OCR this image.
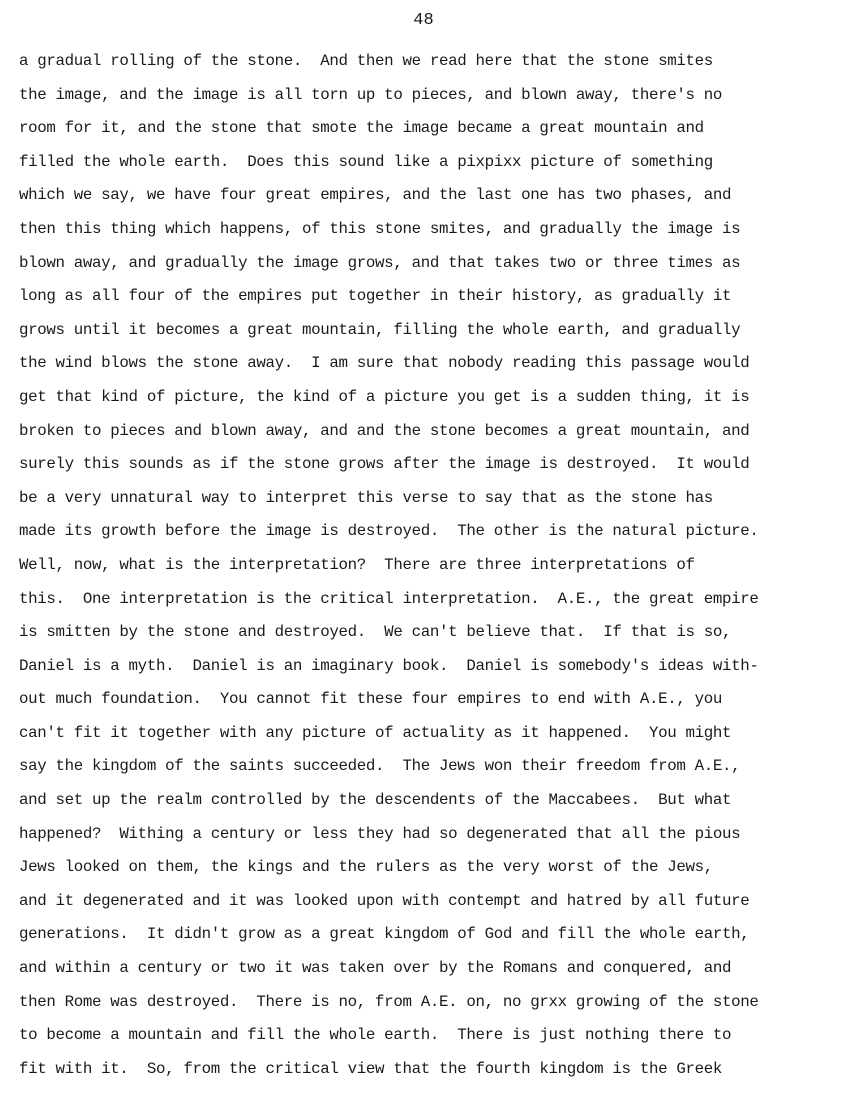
48
a gradual rolling of the stone.  And then we read here that the stone smites
the image, and the image is all torn up to pieces, and blown away, there's no
room for it, and the stone that smote the image became a great mountain and
filled the whole earth.  Does this sound like a pixpixx picture of something
which we say, we have four great empires, and the last one has two phases, and
then this thing which happens, of this stone smites, and gradually the image is
blown away, and gradually the image grows, and that takes two or three times as
long as all four of the empires put together in their history, as gradually it
grows until it becomes a great mountain, filling the whole earth, and gradually
the wind blows the stone away.  I am sure that nobody reading this passage would
get that kind of picture, the kind of a picture you get is a sudden thing, it is
broken to pieces and blown away, and and the stone becomes a great mountain, and
surely this sounds as if the stone grows after the image is destroyed.  It would
be a very unnatural way to interpret this verse to say that as the stone has
made its growth before the image is destroyed.  The other is the natural picture.
Well, now, what is the interpretation?  There are three interpretations of
this.  One interpretation is the critical interpretation.  A.E., the great empire
is smitten by the stone and destroyed.  We can't believe that.  If that is so,
Daniel is a myth.  Daniel is an imaginary book.  Daniel is somebody's ideas with-
out much foundation.  You cannot fit these four empires to end with A.E., you
can't fit it together with any picture of actuality as it happened.  You might
say the kingdom of the saints succeeded.  The Jews won their freedom from A.E.,
and set up the realm controlled by the descendents of the Maccabees.  But what
happened?  Withing a century or less they had so degenerated that all the pious
Jews looked on them, the kings and the rulers as the very worst of the Jews,
and it degenerated and it was looked upon with contempt and hatred by all future
generations.  It didn't grow as a great kingdom of God and fill the whole earth,
and within a century or two it was taken over by the Romans and conquered, and
then Rome was destroyed.  There is no, from A.E. on, no grxx growing of the stone
to become a mountain and fill the whole earth.  There is just nothing there to
fit with it.  So, from the critical view that the fourth kingdom is the Greek
